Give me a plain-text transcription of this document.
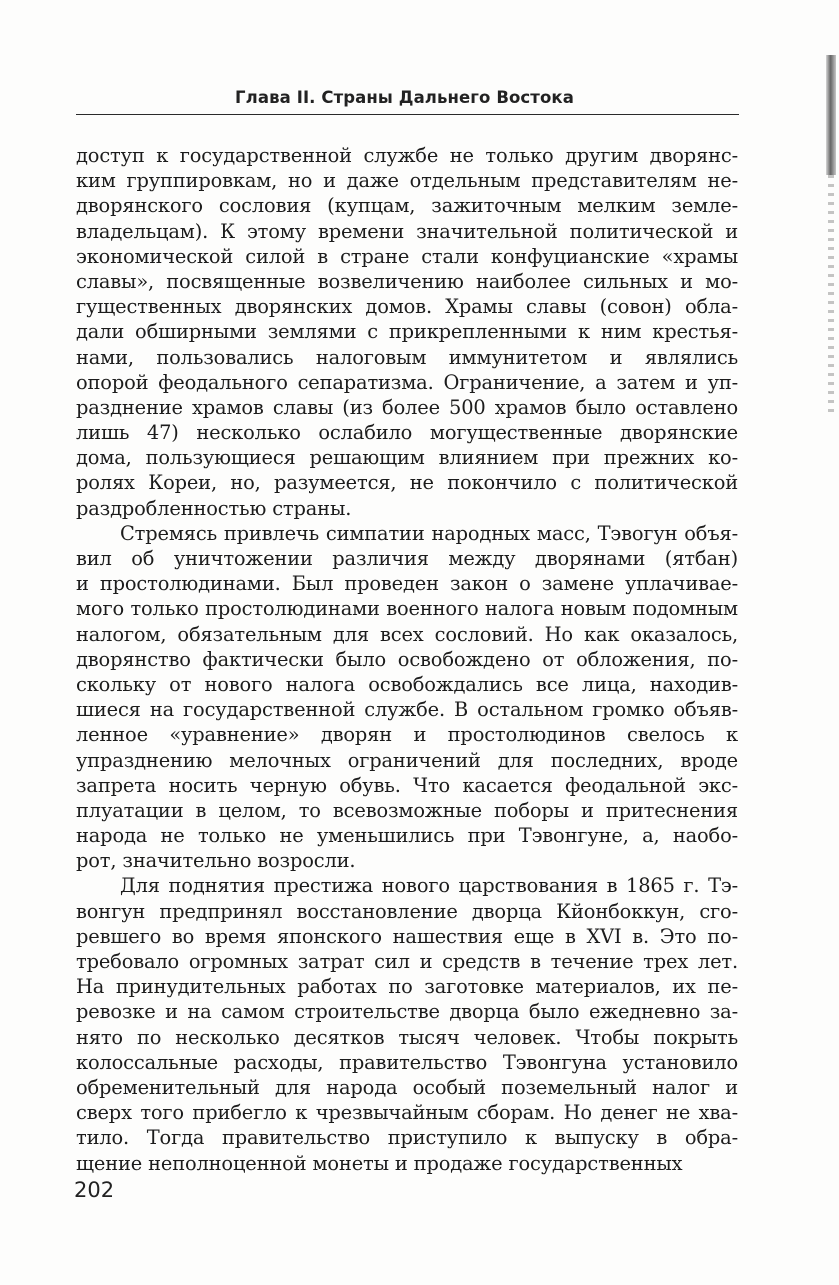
Глава II. Страны Дальнего Востока
доступ к государственной службе не только другим дворянс-
ким группировкам, но и даже отдельным представителям не-
дворянского сословия (купцам, зажиточным мелким земле-
владельцам). К этому времени значительной политической и
экономической силой в стране стали конфуцианские «храмы
славы», посвященные возвеличению наиболее сильных и мо-
гущественных дворянских домов. Храмы славы (совон) обла-
дали обширными землями с прикрепленными к ним крестья-
нами, пользовались налоговым иммунитетом и являлись
опорой феодального сепаратизма. Ограничение, а затем и уп-
разднение храмов славы (из более 500 храмов было оставлено
лишь 47) несколько ослабило могущественные дворянские
дома, пользующиеся решающим влиянием при прежних ко-
ролях Кореи, но, разумеется, не покончило с политической
раздробленностью страны.
Стремясь привлечь симпатии народных масс, Тэвогун объя-
вил об уничтожении различия между дворянами (ятбан)
и простолюдинами. Был проведен закон о замене уплачивае-
мого только простолюдинами военного налога новым подомным
налогом, обязательным для всех сословий. Но как оказалось,
дворянство фактически было освобождено от обложения, по-
скольку от нового налога освобождались все лица, находив-
шиеся на государственной службе. В остальном громко объяв-
ленное «уравнение» дворян и простолюдинов свелось к
упразднению мелочных ограничений для последних, вроде
запрета носить черную обувь. Что касается феодальной экс-
плуатации в целом, то всевозможные поборы и притеснения
народа не только не уменьшились при Тэвонгуне, а, наобо-
рот, значительно возросли.
Для поднятия престижа нового царствования в 1865 г. Тэ-
вонгун предпринял восстановление дворца Кйонбоккун, сго-
ревшего во время японского нашествия еще в XVI в. Это по-
требовало огромных затрат сил и средств в течение трех лет.
На принудительных работах по заготовке материалов, их пе-
ревозке и на самом строительстве дворца было ежедневно за-
нято по несколько десятков тысяч человек. Чтобы покрыть
колоссальные расходы, правительство Тэвонгуна установило
обременительный для народа особый поземельный налог и
сверх того прибегло к чрезвычайным сборам. Но денег не хва-
тило. Тогда правительство приступило к выпуску в обра-
щение неполноценной монеты и продаже государственных
202
